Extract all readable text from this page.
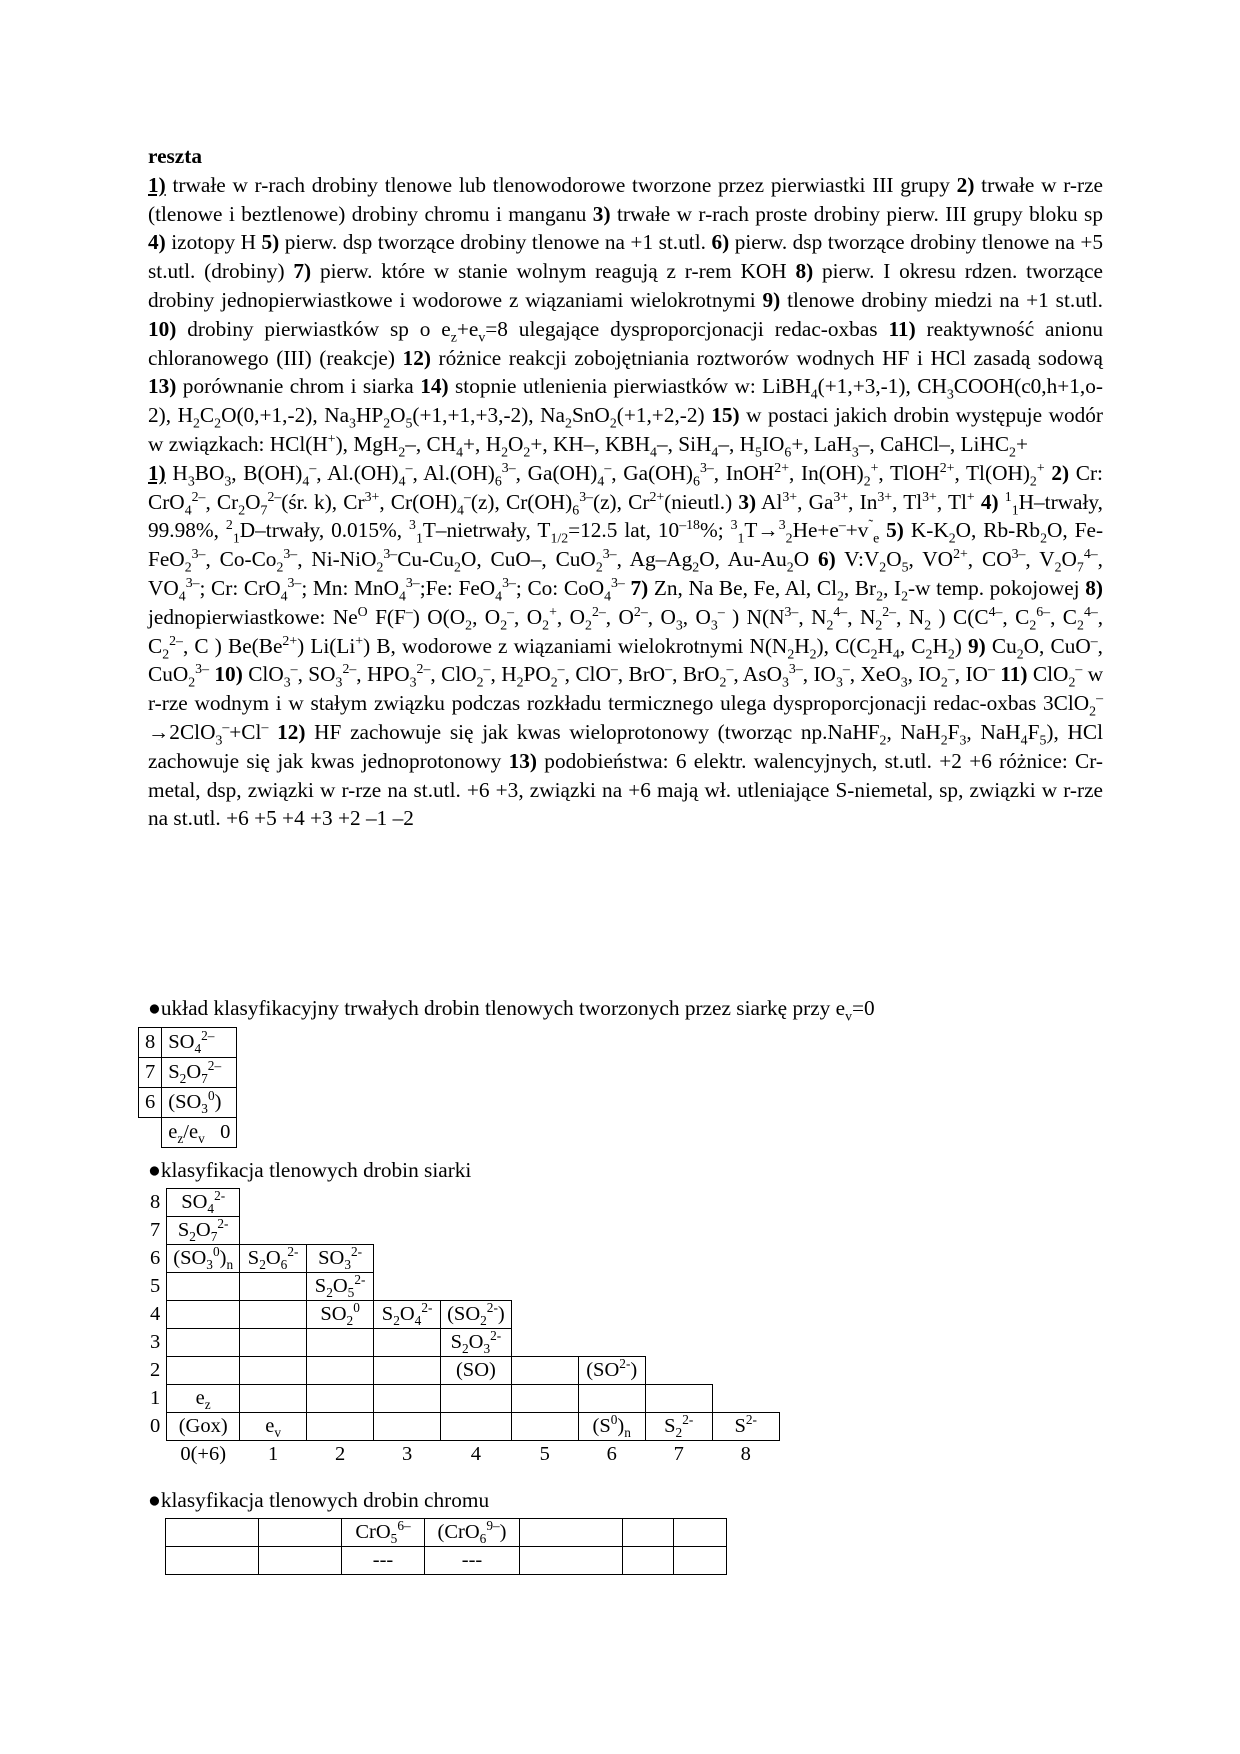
reszta

1) trwałe w r-rach drobiny tlenowe lub tlenowodorowe tworzone przez pierwiastki III grupy 2) trwałe w r-rze (tlenowe i beztlenowe) drobiny chromu i manganu 3) trwałe w r-rach proste drobiny pierw. III grupy bloku sp 4) izotopy H 5) pierw. dsp tworzące drobiny tlenowe na +1 st.utl. 6) pierw. dsp tworzące drobiny tlenowe na +5 st.utl. (drobiny) 7) pierw. które w stanie wolnym reagują z r-rem KOH 8) pierw. I okresu rdzen. tworzące drobiny jednopierwiastkowe i wodorowe z wiązaniami wielokrotnymi 9) tlenowe drobiny miedzi na +1 st.utl. 10) drobiny pierwiastków sp o $e_z+e_v=8$ ulegające dysproporcjonacji redac-oxbas 11) reaktywność anionu chloranowego (III) (reakcje) 12) różnice reakcji zobojętniania roztworów wodnych HF i HCl zasadą sodową 13) porównanie chrom i siarka 14) stopnie utlenienia pierwiastków w: LiBH$_4$(+1,+3,-1), $CH_3COOH(c0,h+1,o-2)$, $H_2C_2O(0,+1,-2)$, $Na_3HP_2O_5(+1,+1,+3,-2)$, $Na_2SnO_2(+1,+2,-2)$ 15) w postaci jakich drobin występuje wodór w związkach: HCl(H+), MgH$_2$–, $CH_4+$, $H_2O_2+$, KH–, $KBH_4-$, SiH$_4$–, $H_5IO_6+$, LaH$_3$–, CaHCl–, LiHC$_2$+

1) $H_3BO_3$, $B(OH)_4^-$, $Al.(OH)_4^-$, $Al.(OH)_6^{3-}$, $Ga(OH)_4^-$, $Ga(OH)_6^{3-}$, InOH$^{2+}$, $In(OH)_2^+$, TlOH$^{2+}$, $Tl(OH)_2^+$ 2) Cr: CrO$_4^{2-}$, $Cr_2O_7^{2-}(śr$. k), $Cr^{3+}$, $Cr(OH)_4^-(z)$, $Cr(OH)_6^{3-}(z)$, $Cr^{2+}(nieutl.)$ 3) $Al^{3+}$, $Ga^{3+}$, $In^{3+}$, $Tl^{3+}$, Tl+ 4) $^1_1$H–trwały, 99.98%, $^2_1$D–trwały, 0.015%, $^3_1$T–nietrwały, $T_{1/2}=12.5$ lat, $10^{-18}\%$; $^3_1T\to^3_2He+e^-+v^˜_e$ 5) $K-K_2O$, $Rb-Rb_2O$, Fe-FeO$_2^{3-}$, $Co-Co_2^{3-}$, $Ni-NiO_2^{3-}Cu-Cu_2O$, CuO–, CuO$_2^{3-}$, $Ag-Ag_2O$, $Au-Au_2O$ 6) $V:V_2O_5$, $VO^{2+}$, $CO^{3-}$, $V_2O_7^{4-}$, $VO_4^{3-}$; Cr: CrO$_4^{3-}$; Mn: MnO$_4^{3-}$;Fe: FeO$_4^{3-}$; Co: CoO$_4^{3-}$ 7) Zn, Na Be, Fe, Al, $Cl_2$, $Br_2$, $I_2-w$ temp. pokojowej 8) jednopierwiastkowe: $Ne^O$ F(F–) $O(O_2$, $O_2^-$, $O_2^+$, $O_2^{2-}$, $O^{2-}$, $O_3$, $O_3^-$ ) $N(N^{3-}$, $N_2^{4-}$, $N_2^{2-}$, $N_2$ ) $C(C^{4-}$, $C_2^{6-}$, $C_2^{4-}$, $C_2^{2-}$, C ) $Be(Be^{2+})$ Li(Li+) B, wodorowe z wiązaniami wielokrotnymi $N(N_2H_2)$, $C(C_2H_4$, $C_2H_2$) 9) $Cu_2O$, CuO–, CuO$_2^{3-}$ 10) ClO$_3$–, $SO_3^{2-}$, $HPO_3^{2-}$, ClO$_2$–, $H_2PO_2^-$, ClO–, BrO–, BrO$_2$–, AsO$_3^{3-}$, $IO_3^-$, XeO$_3$, $IO_2^-$, IO– 11) ClO$_2$– w r-rze wodnym i w stałym związku podczas rozkładu termicznego ulega dysproporcjonacji redac-oxbas 3ClO$_2$–→2ClO$_3$–+Cl– 12) HF zachowuje się jak kwas wieloprotonowy (tworząc np.NaHF$_2$, $NaH_2F_3$, $NaH_4F_5$), HCl zachowuje się jak kwas jednoprotonowy 13) podobieństwa: 6 elektr. walencyjnych, st.utl. +2 +6 różnice: Cr-metal, dsp, związki w r-rze na st.utl. +6 +3, związki na +6 mają wł. utleniające S-niemetal, sp, związki w r-rze na st.utl. +6 +5 +4 +3 +2 –1 –2

●układ klasyfikacyjny trwałych drobin tlenowych tworzonych przez siarkę przy $e_v=0$
8	$SO_4^{2-}$
7	$S_2O_7^{2-}$
6	$(SO_3^0)$
	$e_z/e_v$   0
●klasyfikacja tlenowych drobin siarki
8	$SO_4^{2-}$								
7	$S_2O_7^{2-}$								
6	$(SO_3^0)_n$	$S_2O_6^{2-}$	$SO_3^{2-}$						
5			$S_2O_5^{2-}$						
4			$SO_2^0$	$S_2O_4^{2-}$	$(SO_2^{2-})$				
3					$S_2O_3^{2-}$				
2					(SO)		$(SO^{2-})$		
1	$e_z$								
0	(Gox)	$e_v$					$(S^0)_n$	$S_2^{2-}$	$S^{2-}$
	0(+6)	1	2	3	4	5	6	7	8
●klasyfikacja tlenowych drobin chromu
		CrO$_5^{6-}$	(CrO$_6^{9-}$)			
		---	---			
